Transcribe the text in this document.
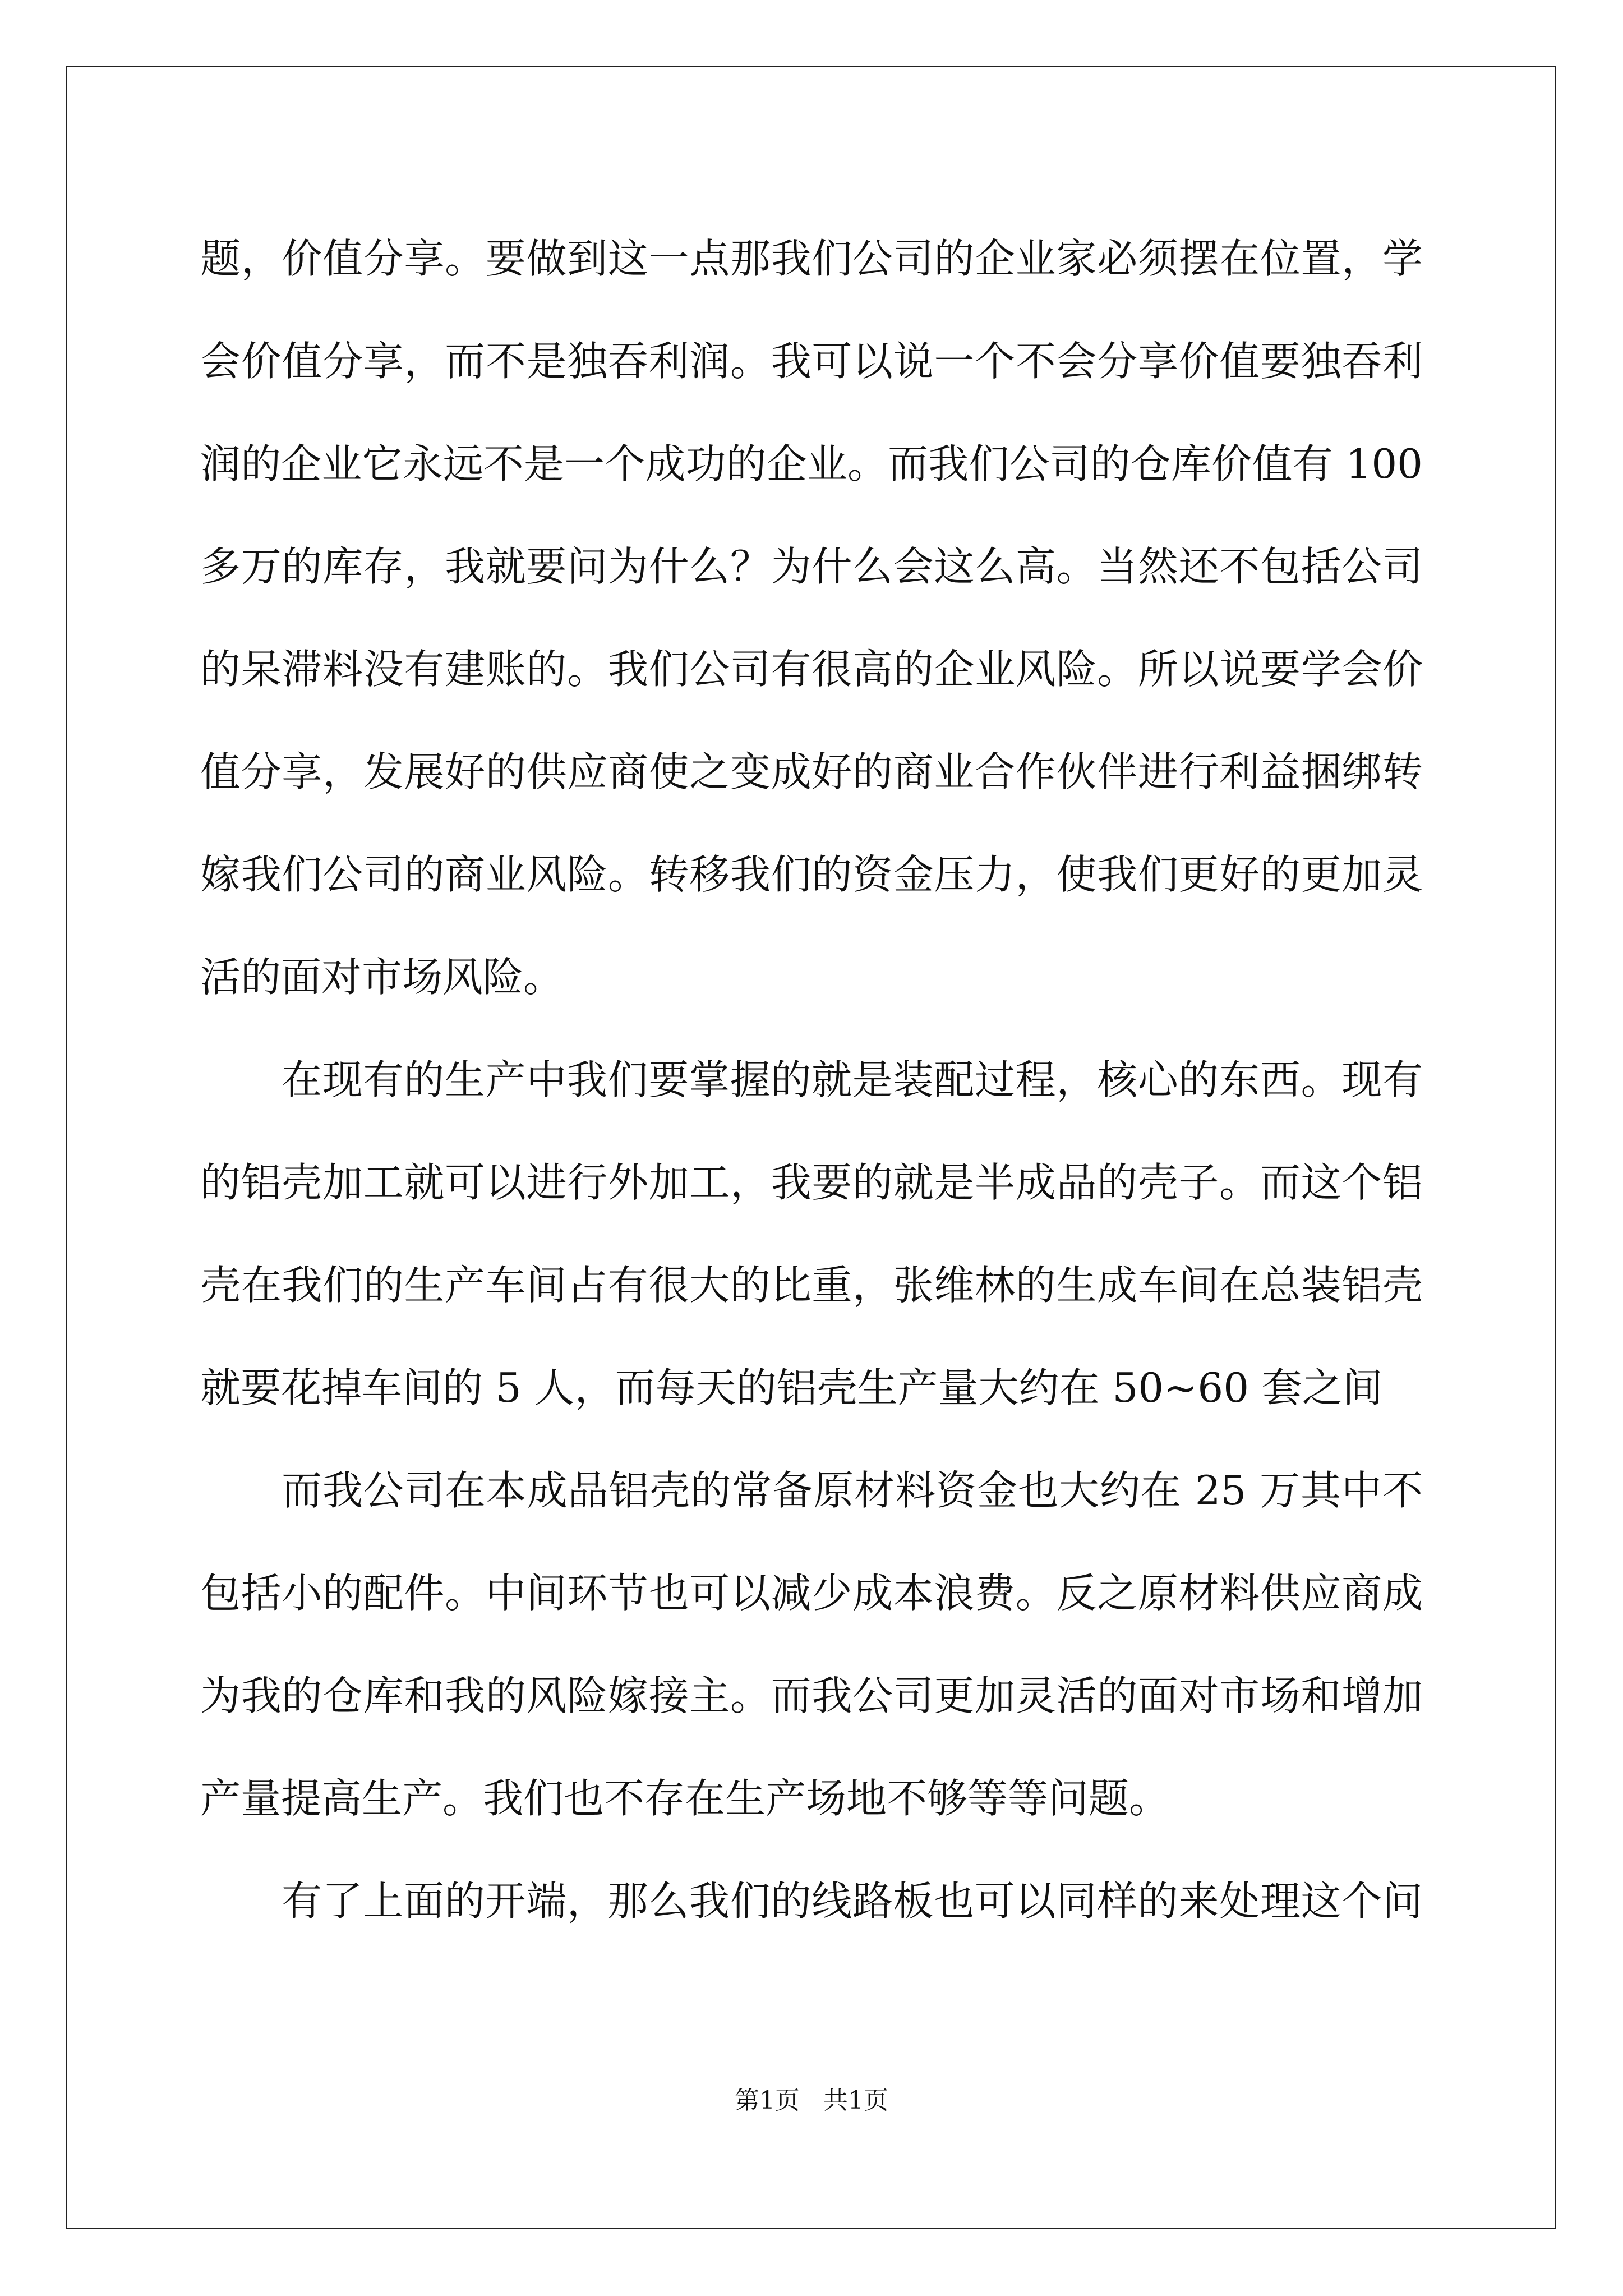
题，价值分享。要做到这一点那我们公司的企业家必须摆在位置，学
会价值分享，而不是独吞利润。我可以说一个不会分享价值要独吞利
润的企业它永远不是一个成功的企业。而我们公司的仓库价值有 100
多万的库存，我就要问为什么？为什么会这么高。当然还不包括公司
的呆滞料没有建账的。我们公司有很高的企业风险。所以说要学会价
值分享，发展好的供应商使之变成好的商业合作伙伴进行利益捆绑转
嫁我们公司的商业风险。转移我们的资金压力，使我们更好的更加灵
活的面对市场风险。
在现有的生产中我们要掌握的就是装配过程，核心的东西。现有
的铝壳加工就可以进行外加工，我要的就是半成品的壳子。而这个铝
壳在我们的生产车间占有很大的比重，张维林的生成车间在总装铝壳
就要花掉车间的 5 人，而每天的铝壳生产量大约在 50~60 套之间
而我公司在本成品铝壳的常备原材料资金也大约在 25 万其中不
包括小的配件。中间环节也可以减少成本浪费。反之原材料供应商成
为我的仓库和我的风险嫁接主。而我公司更加灵活的面对市场和增加
产量提高生产。我们也不存在生产场地不够等等问题。
有了上面的开端，那么我们的线路板也可以同样的来处理这个问
第1页 共1页
